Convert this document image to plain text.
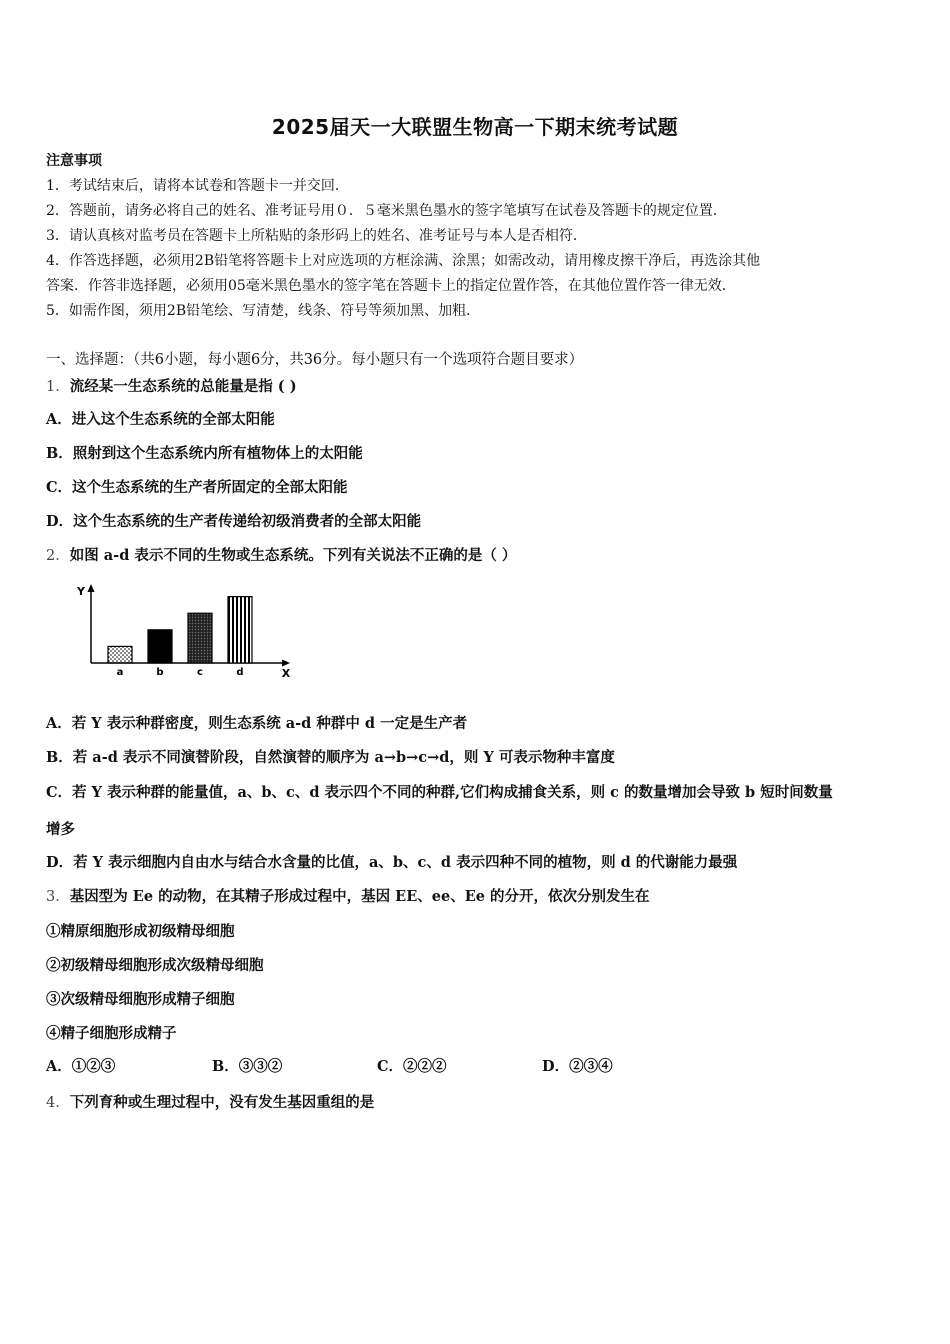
2025届天一大联盟生物高一下期末统考试题
注意事项
1．考试结束后，请将本试卷和答题卡一并交回．
2．答题前，请务必将自己的姓名、准考证号用０．５毫米黑色墨水的签字笔填写在试卷及答题卡的规定位置．
3．请认真核对监考员在答题卡上所粘贴的条形码上的姓名、准考证号与本人是否相符．
4．作答选择题，必须用2B铅笔将答题卡上对应选项的方框涂满、涂黑；如需改动，请用橡皮擦干净后，再选涂其他
答案．作答非选择题，必须用05毫米黑色墨水的签字笔在答题卡上的指定位置作答，在其他位置作答一律无效．
5．如需作图，须用2B铅笔绘、写清楚，线条、符号等须加黑、加粗．
一、选择题：（共6小题，每小题6分，共36分。每小题只有一个选项符合题目要求）
1．流经某一生态系统的总能量是指 ( )
A．进入这个生态系统的全部太阳能
B．照射到这个生态系统内所有植物体上的太阳能
C．这个生态系统的生产者所固定的全部太阳能
D．这个生态系统的生产者传递给初级消费者的全部太阳能
2．如图 a-d 表示不同的生物或生态系统。下列有关说法不正确的是（ ）
Y
X
a	b	c	d
A．若 Y 表示种群密度，则生态系统 a-d 种群中 d 一定是生产者
B．若 a-d 表示不同演替阶段，自然演替的顺序为 a→b→c→d，则 Y 可表示物种丰富度
C．若 Y 表示种群的能量值，a、b、c、d 表示四个不同的种群,它们构成捕食关系，则 c 的数量增加会导致 b 短时间数量
增多
D．若 Y 表示细胞内自由水与结合水含量的比值，a、b、c、d 表示四种不同的植物，则 d 的代谢能力最强
3．基因型为 Ee 的动物，在其精子形成过程中，基因 EE、ee、Ee 的分开，依次分别发生在
①精原细胞形成初级精母细胞
②初级精母细胞形成次级精母细胞
③次级精母细胞形成精子细胞
④精子细胞形成精子
A．①②③	B．③③②	C．②②②	D．②③④
4．下列育种或生理过程中，没有发生基因重组的是
